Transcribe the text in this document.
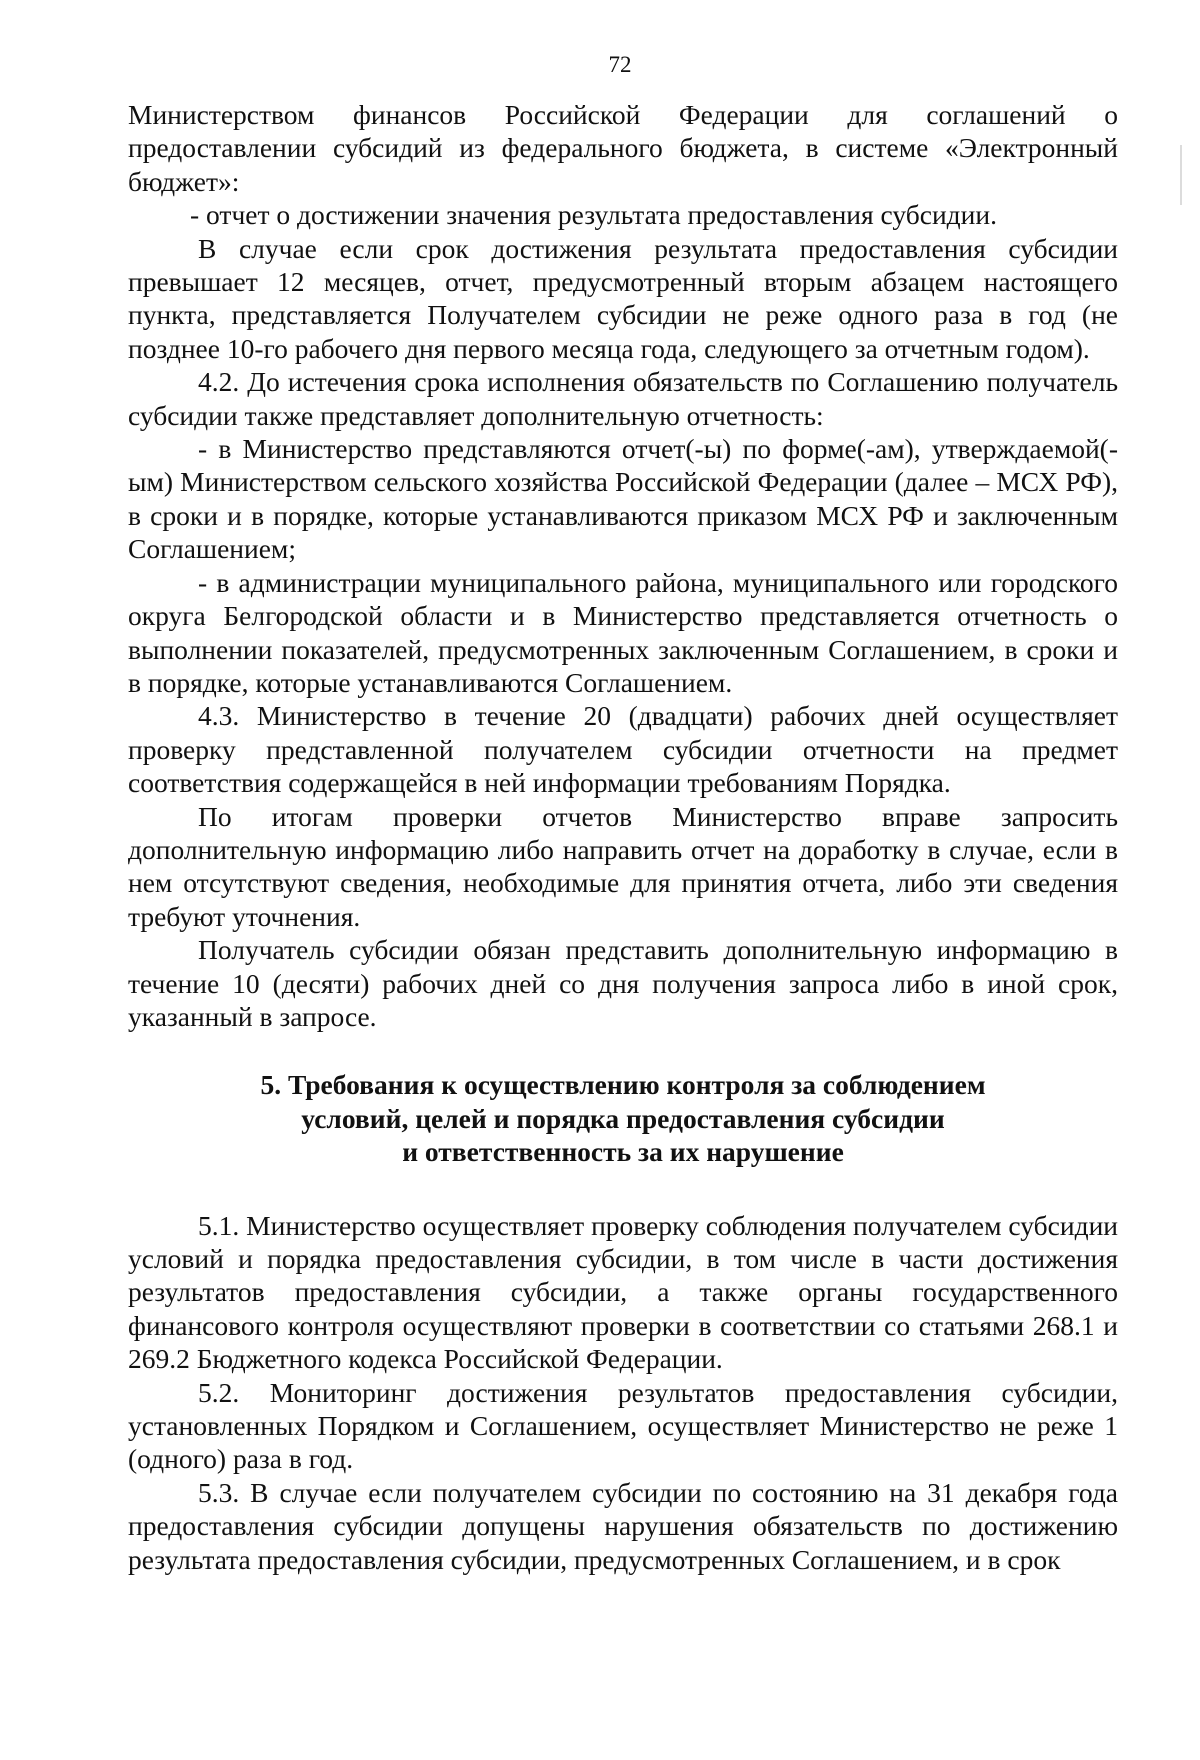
72

Министерством финансов Российской Федерации для соглашений о предоставлении субсидий из федерального бюджета, в системе «Электронный бюджет»:

- отчет о достижении значения результата предоставления субсидии.

В случае если срок достижения результата предоставления субсидии превышает 12 месяцев, отчет, предусмотренный вторым абзацем настоящего пункта, представляется Получателем субсидии не реже одного раза в год (не позднее 10-го рабочего дня первого месяца года, следующего за отчетным годом).

4.2. До истечения срока исполнения обязательств по Соглашению получатель субсидии также представляет дополнительную отчетность:

- в Министерство представляются отчет(-ы) по форме(-ам), утверждаемой(-ым) Министерством сельского хозяйства Российской Федерации (далее – МСХ РФ), в сроки и в порядке, которые устанавливаются приказом МСХ РФ и заключенным Соглашением;

- в администрации муниципального района, муниципального или городского округа Белгородской области и в Министерство представляется отчетность о выполнении показателей, предусмотренных заключенным Соглашением, в сроки и в порядке, которые устанавливаются Соглашением.

4.3. Министерство в течение 20 (двадцати) рабочих дней осуществляет проверку представленной получателем субсидии отчетности на предмет соответствия содержащейся в ней информации требованиям Порядка.

По итогам проверки отчетов Министерство вправе запросить дополнительную информацию либо направить отчет на доработку в случае, если в нем отсутствуют сведения, необходимые для принятия отчета, либо эти сведения требуют уточнения.

Получатель субсидии обязан представить дополнительную информацию в течение 10 (десяти) рабочих дней со дня получения запроса либо в иной срок, указанный в запросе.

5. Требования к осуществлению контроля за соблюдением
условий, целей и порядка предоставления субсидии
и ответственность за их нарушение

5.1. Министерство осуществляет проверку соблюдения получателем субсидии условий и порядка предоставления субсидии, в том числе в части достижения результатов предоставления субсидии, а также органы государственного финансового контроля осуществляют проверки в соответствии со статьями 268.1 и 269.2 Бюджетного кодекса Российской Федерации.

5.2. Мониторинг достижения результатов предоставления субсидии, установленных Порядком и Соглашением, осуществляет Министерство не реже 1 (одного) раза в год.

5.3. В случае если получателем субсидии по состоянию на 31 декабря года предоставления субсидии допущены нарушения обязательств по достижению результата предоставления субсидии, предусмотренных Соглашением, и в срок
